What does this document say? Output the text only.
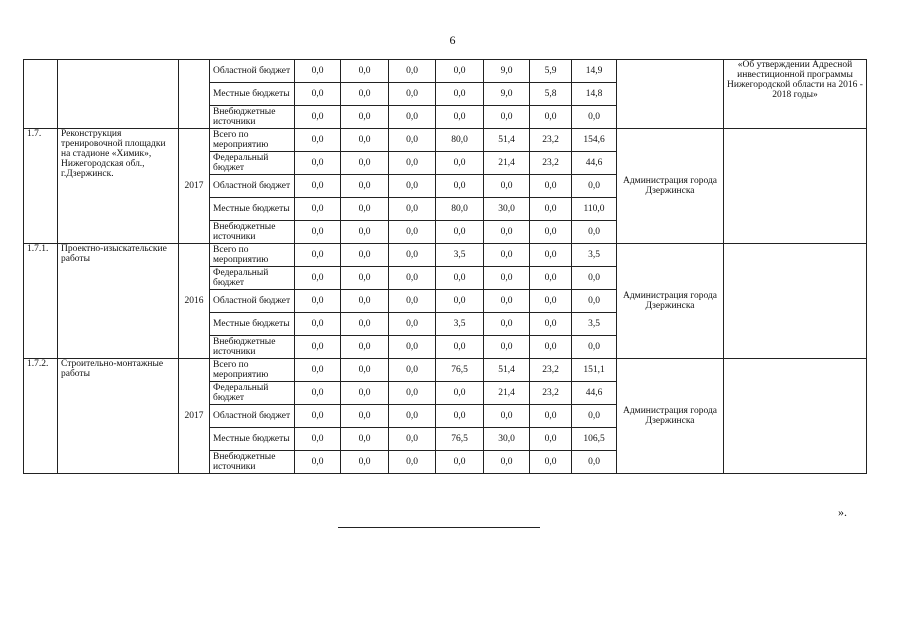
6
			Областной бюджет	0,0	0,0	0,0	0,0	9,0	5,9	14,9		«Об утверждении Адресной инвестиционной программы Нижегородской области на 2016 - 2018 годы»
			Местные бюджеты	0,0	0,0	0,0	0,0	9,0	5,8	14,8		
			Внебюджетные источники	0,0	0,0	0,0	0,0	0,0	0,0	0,0		
1.7.	Реконструкция тренировочной площадки на стадионе «Химик», Нижегородская обл., г.Дзержинск.	2017	Всего по мероприятию	0,0	0,0	0,0	80,0	51,4	23,2	154,6	Администрация города Дзержинска	
			Федеральный бюджет	0,0	0,0	0,0	0,0	21,4	23,2	44,6		
			Областной бюджет	0,0	0,0	0,0	0,0	0,0	0,0	0,0		
			Местные бюджеты	0,0	0,0	0,0	80,0	30,0	0,0	110,0		
			Внебюджетные источники	0,0	0,0	0,0	0,0	0,0	0,0	0,0		
1.7.1.	Проектно-изыскательские работы	2016	Всего по мероприятию	0,0	0,0	0,0	3,5	0,0	0,0	3,5	Администрация города Дзержинска	
			Федеральный бюджет	0,0	0,0	0,0	0,0	0,0	0,0	0,0		
			Областной бюджет	0,0	0,0	0,0	0,0	0,0	0,0	0,0		
			Местные бюджеты	0,0	0,0	0,0	3,5	0,0	0,0	3,5		
			Внебюджетные источники	0,0	0,0	0,0	0,0	0,0	0,0	0,0		
1.7.2.	Строительно-монтажные работы	2017	Всего по мероприятию	0,0	0,0	0,0	76,5	51,4	23,2	151,1	Администрация города Дзержинска	
			Федеральный бюджет	0,0	0,0	0,0	0,0	21,4	23,2	44,6		
			Областной бюджет	0,0	0,0	0,0	0,0	0,0	0,0	0,0		
			Местные бюджеты	0,0	0,0	0,0	76,5	30,0	0,0	106,5		
			Внебюджетные источники	0,0	0,0	0,0	0,0	0,0	0,0	0,0		
».
